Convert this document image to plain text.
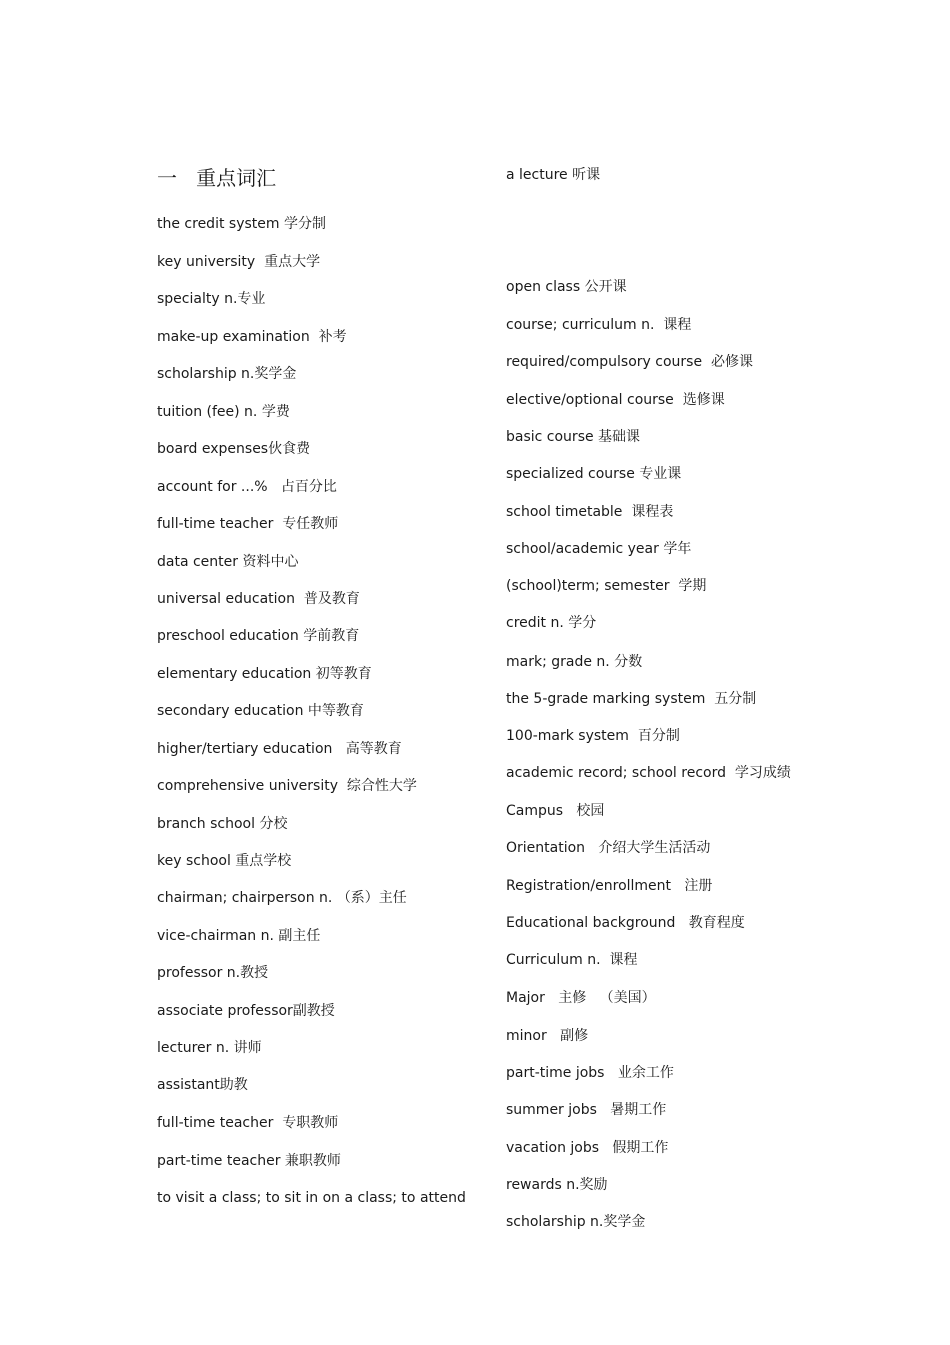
一   重点词汇

the credit system 学分制

key university  重点大学

specialty n.专业

make-up examination  补考

scholarship n.奖学金

tuition (fee) n. 学费

board expenses伙食费

account for ...%   占百分比

full-time teacher  专任教师

data center 资料中心

universal education  普及教育

preschool education 学前教育

elementary education 初等教育

secondary education 中等教育

higher/tertiary education   高等教育

comprehensive university  综合性大学

branch school 分校

key school 重点学校

chairman; chairperson n. （系）主任

vice-chairman n. 副主任

professor n.教授

associate professor副教授

lecturer n. 讲师

assistant助教

full-time teacher  专职教师

part-time teacher 兼职教师

to visit a class; to sit in on a class; to attend

a lecture 听课

open class 公开课

course; curriculum n.  课程

required/compulsory course  必修课

elective/optional course  选修课

basic course 基础课

specialized course 专业课

school timetable  课程表

school/academic year 学年

(school)term; semester  学期

credit n. 学分

mark; grade n. 分数

the 5-grade marking system  五分制

100-mark system  百分制

academic record; school record  学习成绩

Campus   校园

Orientation   介绍大学生活活动

Registration/enrollment   注册

Educational background   教育程度

Curriculum n.  课程

Major   主修   （美国）

minor   副修

part-time jobs   业余工作

summer jobs   暑期工作

vacation jobs   假期工作

rewards n.奖励

scholarship n.奖学金
